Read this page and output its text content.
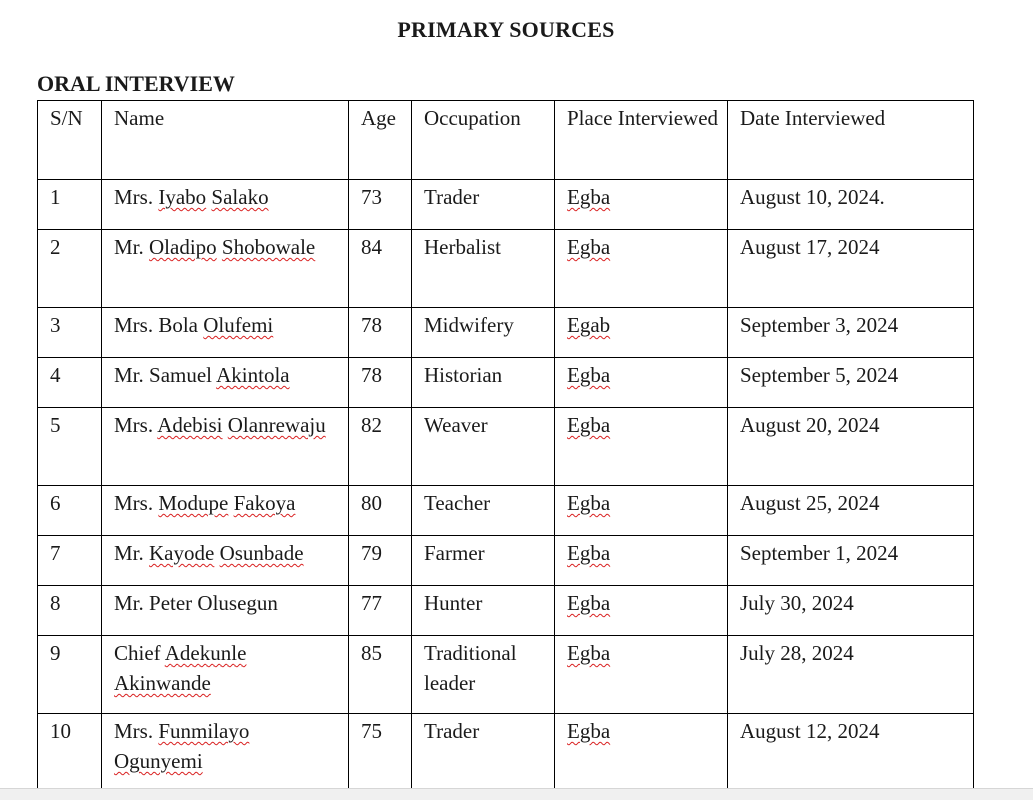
PRIMARY SOURCES
ORAL INTERVIEW
S/N	Name	Age	Occupation	Place Interviewed	Date Interviewed
1	Mrs. Iyabo Salako	73	Trader	Egba	August 10, 2024.
2	Mr. Oladipo Shobowale	84	Herbalist	Egba	August 17, 2024
3	Mrs. Bola Olufemi	78	Midwifery	Egab	September 3, 2024
4	Mr. Samuel Akintola	78	Historian	Egba	September 5, 2024
5	Mrs. Adebisi Olanrewaju	82	Weaver	Egba	August 20, 2024
6	Mrs. Modupe Fakoya	80	Teacher	Egba	August 25, 2024
7	Mr. Kayode Osunbade	79	Farmer	Egba	September 1, 2024
8	Mr. Peter Olusegun	77	Hunter	Egba	July 30, 2024
9	Chief Adekunle Akinwande	85	Traditional leader	Egba	July 28, 2024
10	Mrs. Funmilayo Ogunyemi	75	Trader	Egba	August 12, 2024
